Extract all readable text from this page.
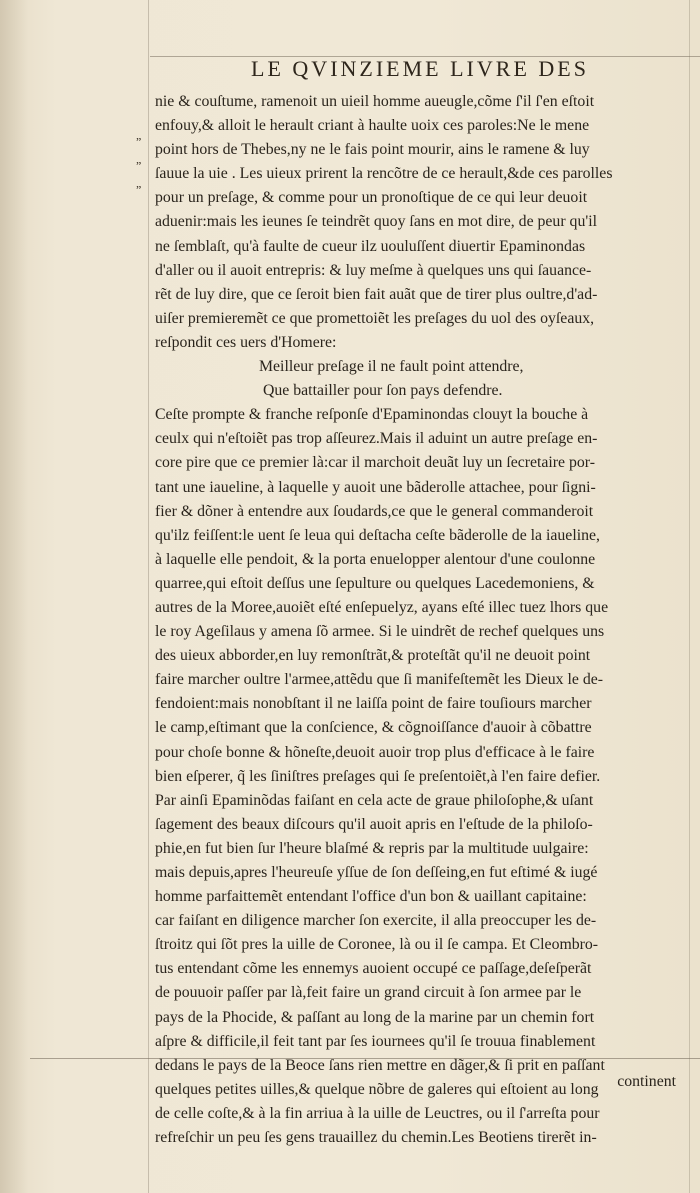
LE QVINZIEME LIVRE DES
„
„
„
nie & couſtume, ramenoit un uieil homme aueugle,cõme ſ'il ſ'en eſtoit
enfouy,& alloit le herault criant à haulte uoix ces paroles:Ne le mene
point hors de Thebes,ny ne le fais point mourir, ains le ramene & luy
ſauue la uie . Les uieux prirent la rencõtre de ce herault,&de ces parolles
pour un preſage, & comme pour un pronoſtique de ce qui leur deuoit
aduenir:mais les ieunes ſe teindrẽt quoy ſans en mot dire, de peur qu'il
ne ſemblaſt, qu'à faulte de cueur ilz uouluſſent diuertir Epaminondas
d'aller ou il auoit entrepris: & luy meſme à quelques uns qui ſauance-
rẽt de luy dire, que ce ſeroit bien fait auãt que de tirer plus oultre,d'ad-
uiſer premieremẽt ce que promettoiẽt les preſages du uol des oyſeaux,
reſpondit ces uers d'Homere:
Meilleur preſage il ne fault point attendre,
Que battailler pour ſon pays defendre.
Ceſte prompte & franche reſponſe d'Epaminondas clouyt la bouche à
ceulx qui n'eſtoiẽt pas trop aſſeurez.Mais il aduint un autre preſage en-
core pire que ce premier là:car il marchoit deuãt luy un ſecretaire por-
tant une iaueline, à laquelle y auoit une bãderolle attachee, pour ſigni-
fier & dõner à entendre aux ſoudards,ce que le general commanderoit
qu'ilz feiſſent:le uent ſe leua qui deſtacha ceſte bãderolle de la iaueline,
à laquelle elle pendoit, & la porta enuelopper alentour d'une coulonne
quarree,qui eſtoit deſſus une ſepulture ou quelques Lacedemoniens, &
autres de la Moree,auoiẽt eſté enſepuelyz, ayans eſté illec tuez lhors que
le roy Ageſilaus y amena ſõ armee. Si le uindrẽt de rechef quelques uns
des uieux abborder,en luy remonſtrãt,& proteſtãt qu'il ne deuoit point
faire marcher oultre l'armee,attẽdu que ſi manifeſtemẽt les Dieux le de-
fendoient:mais nonobſtant il ne laiſſa point de faire touſiours marcher
le camp,eſtimant que la conſcience, & cõgnoiſſance d'auoir à cõbattre
pour choſe bonne & hõneſte,deuoit auoir trop plus d'efficace à le faire
bien eſperer, q̃ les ſiniſtres preſages qui ſe preſentoiẽt,à l'en faire defier.
Par ainſi Epaminõdas faiſant en cela acte de graue philoſophe,& uſant
ſagement des beaux diſcours qu'il auoit apris en l'eſtude de la philoſo-
phie,en fut bien ſur l'heure blaſmé & repris par la multitude uulgaire:
mais depuis,apres l'heureuſe yſſue de ſon deſſeing,en fut eſtimé & iugé
homme parfaittemẽt entendant l'office d'un bon & uaillant capitaine:
car faiſant en diligence marcher ſon exercite, il alla preoccuper les de-
ſtroitz qui ſõt pres la uille de Coronee, là ou il ſe campa. Et Cleombro-
tus entendant cõme les ennemys auoient occupé ce paſſage,deſeſperãt
de pouuoir paſſer par là,feit faire un grand circuit à ſon armee par le
pays de la Phocide, & paſſant au long de la marine par un chemin fort
aſpre & difficile,il feit tant par ſes iournees qu'il ſe trouua finablement
dedans le pays de la Beoce ſans rien mettre en dãger,& ſi prit en paſſant
quelques petites uilles,& quelque nõbre de galeres qui eſtoient au long
de celle coſte,& à la fin arriua à la uille de Leuctres, ou il ſ'arreſta pour
refreſchir un peu ſes gens trauaillez du chemin.Les Beotiens tirerẽt in-
continent
